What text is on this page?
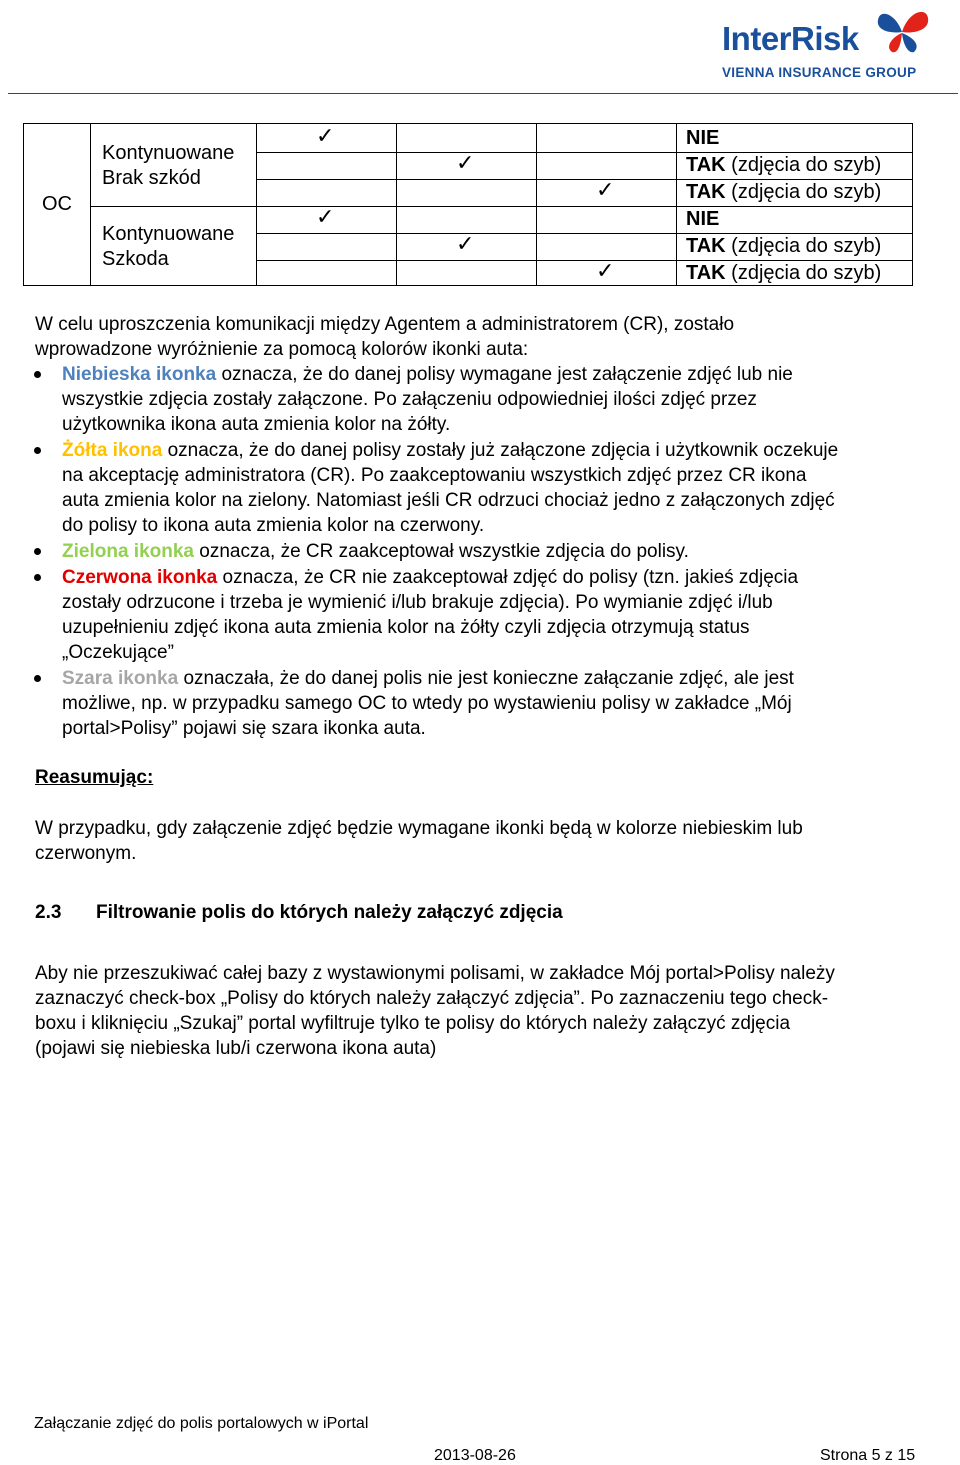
InterRisk
VIENNA INSURANCE GROUP
OC
Kontynuowane
Brak szkód
Kontynuowane
Szkoda
✓
✓
✓
✓
✓
✓
NIE
TAK (zdjęcia do szyb)
TAK (zdjęcia do szyb)
NIE
TAK (zdjęcia do szyb)
TAK (zdjęcia do szyb)
W celu uproszczenia komunikacji między Agentem a administratorem (CR), zostało
wprowadzone wyróżnienie za pomocą kolorów ikonki auta:
Niebieska ikonka oznacza, że do danej polisy wymagane jest załączenie zdjęć lub nie
wszystkie zdjęcia zostały załączone. Po załączeniu odpowiedniej ilości zdjęć przez
użytkownika ikona auta zmienia kolor na żółty.
Żółta ikona oznacza, że do danej polisy zostały już załączone zdjęcia i użytkownik oczekuje
na akceptację administratora (CR). Po zaakceptowaniu wszystkich zdjęć przez CR ikona
auta zmienia kolor na zielony. Natomiast jeśli CR odrzuci chociaż jedno z załączonych zdjęć
do polisy to ikona auta zmienia kolor na czerwony.
Zielona ikonka oznacza, że CR zaakceptował wszystkie zdjęcia do polisy.
Czerwona ikonka oznacza, że CR nie zaakceptował zdjęć do polisy (tzn. jakieś zdjęcia
zostały odrzucone i trzeba je wymienić i/lub brakuje zdjęcia). Po wymianie zdjęć i/lub
uzupełnieniu zdjęć ikona auta zmienia kolor na żółty czyli zdjęcia otrzymują status
„Oczekujące”
Szara ikonka oznaczała, że do danej polis nie jest konieczne załączanie zdjęć, ale jest
możliwe, np. w przypadku samego OC to wtedy po wystawieniu polisy w zakładce „Mój
portal>Polisy” pojawi się szara ikonka auta.
Reasumując:
W przypadku, gdy załączenie zdjęć będzie wymagane ikonki będą w kolorze niebieskim lub
czerwonym.
2.3 Filtrowanie polis do których należy załączyć zdjęcia
Aby nie przeszukiwać całej bazy z wystawionymi polisami, w zakładce Mój portal>Polisy należy
zaznaczyć check-box „Polisy do których należy załączyć zdjęcia”. Po zaznaczeniu tego check-
boxu i kliknięciu „Szukaj” portal wyfiltruje tylko te polisy do których należy załączyć zdjęcia
(pojawi się niebieska lub/i czerwona ikona auta)
Załączanie zdjęć do polis portalowych w iPortal
2013-08-26	Strona 5 z 15
